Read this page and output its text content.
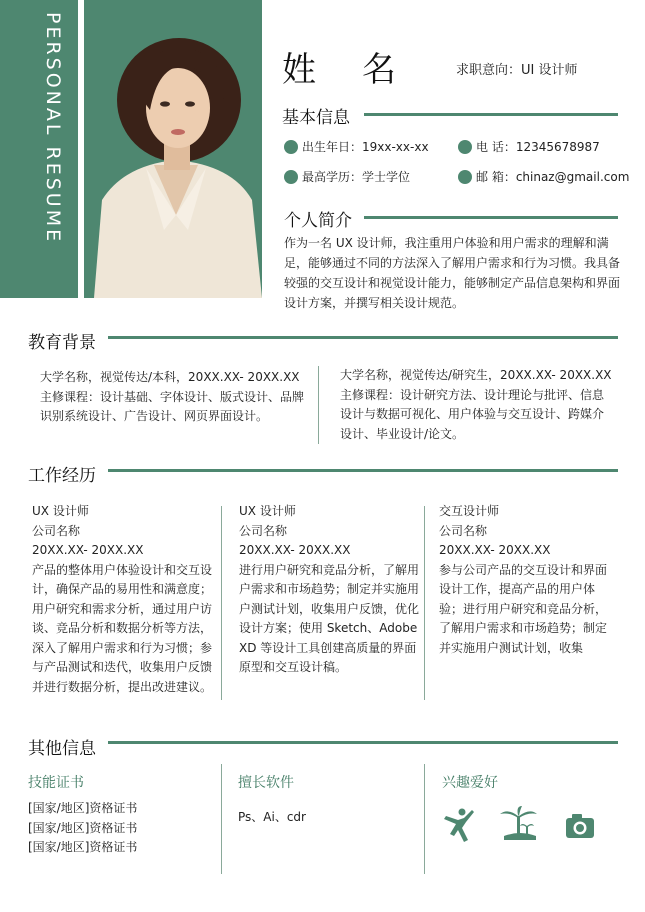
PERSONAL RESUME	姓名 求职意向：UI 设计师
基本信息
出生年日：19xx-xx-xx	电 话：12345678987
最高学历：学士学位	邮 箱：chinaz@gmail.com
个人简介
作为一名 UX 设计师，我注重用户体验和用户需求的理解和满足，能够通过不同的方法深入了解用户需求和行为习惯。我具备较强的交互设计和视觉设计能力，能够制定产品信息架构和界面设计方案，并撰写相关设计规范。
教育背景
大学名称，视觉传达/本科，20XX.XX- 20XX.XX
主修课程：设计基础、字体设计、版式设计、品牌识别系统设计、广告设计、网页界面设计。
大学名称，视觉传达/研究生，20XX.XX- 20XX.XX
主修课程：设计研究方法、设计理论与批评、信息设计与数据可视化、用户体验与交互设计、跨媒介设计、毕业设计/论文。
工作经历
UX 设计师
公司名称
20XX.XX- 20XX.XX
产品的整体用户体验设计和交互设计，确保产品的易用性和满意度；用户研究和需求分析，通过用户访谈、竞品分析和数据分析等方法，深入了解用户需求和行为习惯；参与产品测试和迭代，收集用户反馈并进行数据分析，提出改进建议。
UX 设计师
公司名称
20XX.XX- 20XX.XX
进行用户研究和竞品分析，了解用户需求和市场趋势；制定并实施用户测试计划，收集用户反馈，优化设计方案；使用 Sketch、Adobe XD 等设计工具创建高质量的界面原型和交互设计稿。
交互设计师
公司名称
20XX.XX- 20XX.XX
参与公司产品的交互设计和界面设计工作，提高产品的用户体验；进行用户研究和竞品分析，了解用户需求和市场趋势；制定并实施用户测试计划，收集
其他信息
技能证书
[国家/地区]资格证书
[国家/地区]资格证书
[国家/地区]资格证书
擅长软件
Ps、Ai、cdr
兴趣爱好
